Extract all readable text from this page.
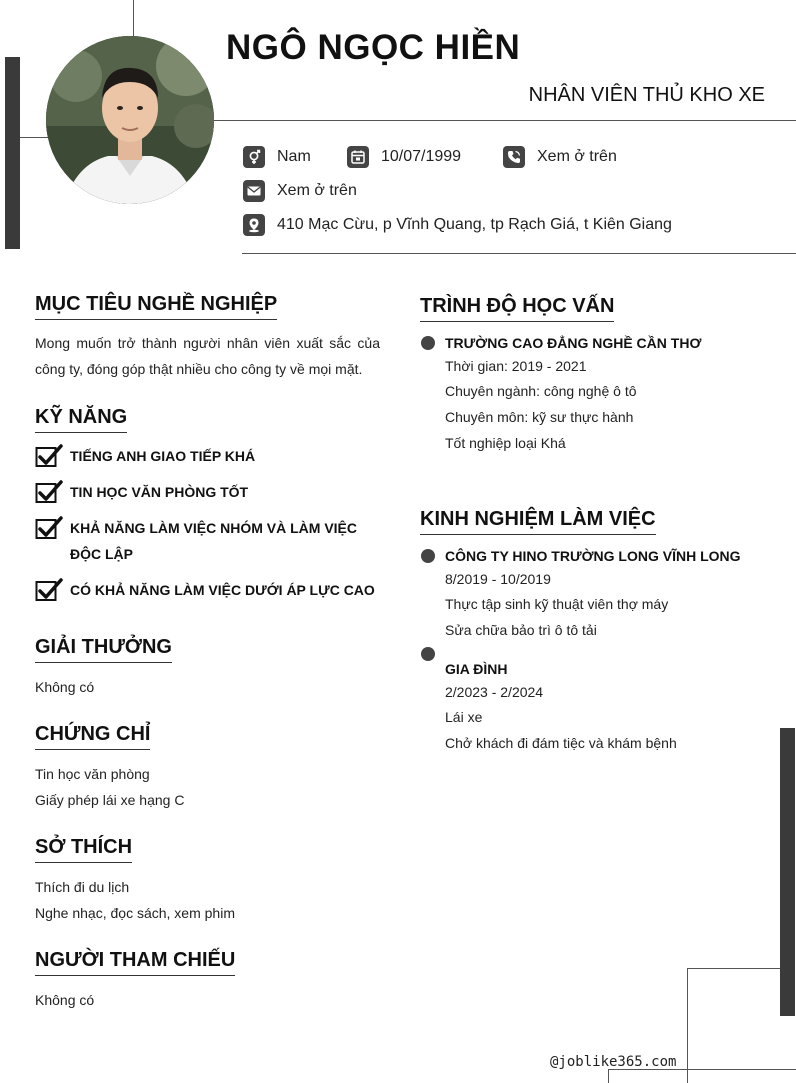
NGÔ NGỌC HIỀN
NHÂN VIÊN THỦ KHO XE
Nam	10/07/1999	Xem ở trên
Xem ở trên
410 Mạc Cừu, p Vĩnh Quang, tp Rạch Giá, t Kiên Giang
MỤC TIÊU NGHỀ NGHIỆP
Mong muốn trở thành người nhân viên xuất sắc của công ty, đóng góp thật nhiều cho công ty về mọi mặt.
KỸ NĂNG
TIẾNG ANH GIAO TIẾP KHÁ
TIN HỌC VĂN PHÒNG TỐT
KHẢ NĂNG LÀM VIỆC NHÓM VÀ LÀM VIỆC ĐỘC LẬP
CÓ KHẢ NĂNG LÀM VIỆC DƯỚI ÁP LỰC CAO
GIẢI THƯỞNG
Không có
CHỨNG CHỈ
Tin học văn phòng
Giấy phép lái xe hạng C
SỞ THÍCH
Thích đi du lịch
Nghe nhạc, đọc sách, xem phim
NGƯỜI THAM CHIẾU
Không có
TRÌNH ĐỘ HỌC VẤN
TRƯỜNG CAO ĐẲNG NGHỀ CẦN THƠ
Thời gian: 2019 - 2021
Chuyên ngành: công nghệ ô tô
Chuyên môn: kỹ sư thực hành
Tốt nghiệp loại Khá
KINH NGHIỆM LÀM VIỆC
CÔNG TY HINO TRƯỜNG LONG VĨNH LONG
8/2019 - 10/2019
Thực tập sinh kỹ thuật viên thợ máy
Sửa chữa bảo trì ô tô tải
GIA ĐÌNH
2/2023 - 2/2024
Lái xe
Chở khách đi đám tiệc và khám bệnh
@joblike365.com
